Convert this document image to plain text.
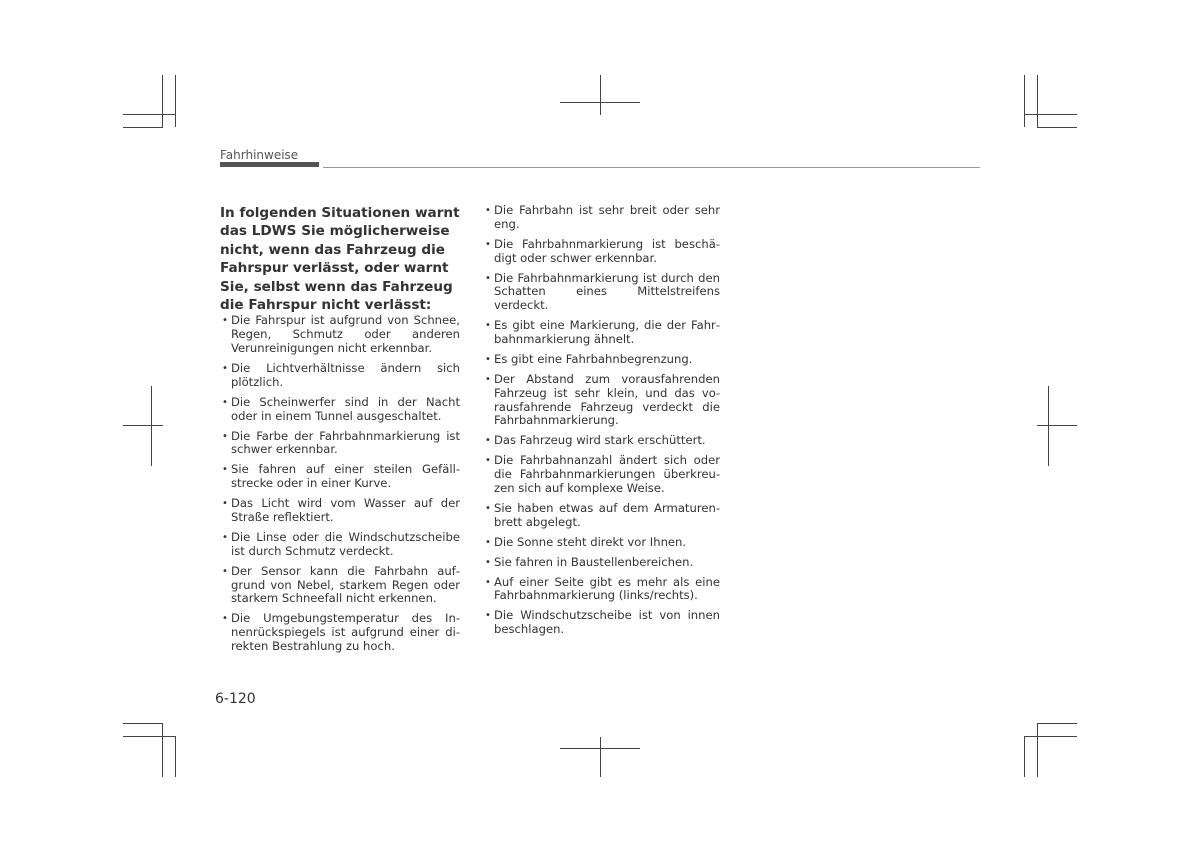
Fahrhinweise

In folgenden Situationen warnt das LDWS Sie möglicherweise nicht, wenn das Fahrzeug die Fahrspur verlässt, oder warnt Sie, selbst wenn das Fahrzeug die Fahrspur nicht verlässt:

• Die Fahrspur ist aufgrund von Schnee, Regen, Schmutz oder anderen Verunreinigungen nicht erkennbar.
• Die Lichtverhältnisse ändern sich plötzlich.
• Die Scheinwerfer sind in der Nacht oder in einem Tunnel ausgeschaltet.
• Die Farbe der Fahrbahnmarkierung ist schwer erkennbar.
• Sie fahren auf einer steilen Gefällstrecke oder in einer Kurve.
• Das Licht wird vom Wasser auf der Straße reflektiert.
• Die Linse oder die Windschutzscheibe ist durch Schmutz verdeckt.
• Der Sensor kann die Fahrbahn aufgrund von Nebel, starkem Regen oder starkem Schneefall nicht erkennen.
• Die Umgebungstemperatur des Innenrückspiegels ist aufgrund einer direkten Bestrahlung zu hoch.
• Die Fahrbahn ist sehr breit oder sehr eng.
• Die Fahrbahnmarkierung ist beschädigt oder schwer erkennbar.
• Die Fahrbahnmarkierung ist durch den Schatten eines Mittelstreifens verdeckt.
• Es gibt eine Markierung, die der Fahrbahnmarkierung ähnelt.
• Es gibt eine Fahrbahnbegrenzung.
• Der Abstand zum vorausfahrenden Fahrzeug ist sehr klein, und das vorausfahrende Fahrzeug verdeckt die Fahrbahnmarkierung.
• Das Fahrzeug wird stark erschüttert.
• Die Fahrbahnanzahl ändert sich oder die Fahrbahnmarkierungen überkreuzen sich auf komplexe Weise.
• Sie haben etwas auf dem Armaturenbrett abgelegt.
• Die Sonne steht direkt vor Ihnen.
• Sie fahren in Baustellenbereichen.
• Auf einer Seite gibt es mehr als eine Fahrbahnmarkierung (links/rechts).
• Die Windschutzscheibe ist von innen beschlagen.
6-120
